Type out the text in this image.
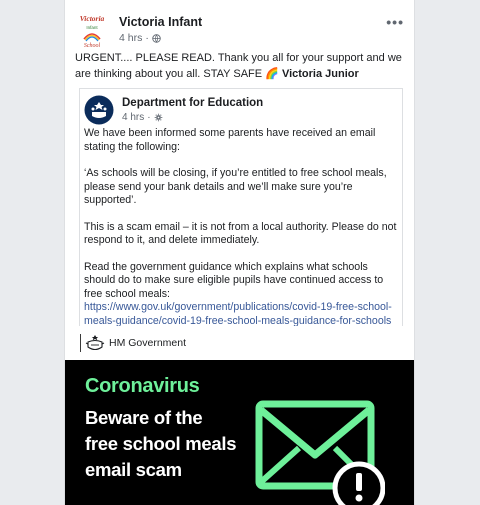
Victoria
Infant
School
Victoria Infant
4 hrs ·
•••
URGENT.... PLEASE READ. Thank you all for your support and we are thinking about you all. STAY SAFE 🌈 Victoria Junior
Department for Education
4 hrs ·

We have been informed some parents have received an email stating the following:

‘As schools will be closing, if you’re entitled to free school meals, please send your bank details and we’ll make sure you’re supported’.

This is a scam email – it is not from a local authority. Please do not respond to it, and delete immediately.

Read the government guidance which explains what schools should do to make sure eligible pupils have continued access to free school meals: https://www.gov.uk/government/publications/covid-19-free-school-meals-guidance/covid-19-free-school-meals-guidance-for-schools

HM Government
Coronavirus
Beware of the
free school meals
email scam
